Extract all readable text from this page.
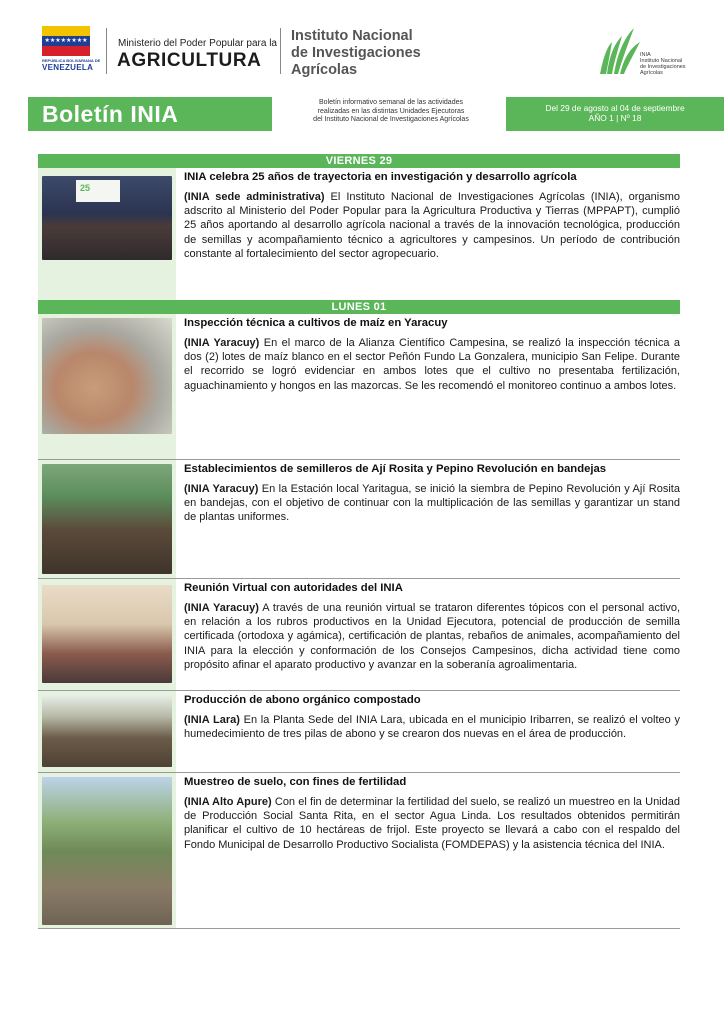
★★★★★★★★
REPÚBLICA BOLIVARIANA DE
VENEZUELA
Ministerio del Poder Popular para la
AGRICULTURA
Instituto Nacional
de Investigaciones
Agrícolas
INIA
Instituto Nacional
de Investigaciones
Agrícolas
Boletín INIA	Boletín informativo semanal de las actividades
realizadas en las distintas Unidades Ejecutoras
del Instituto Nacional de Investigaciones Agrícolas
Del 29 de agosto al 04 de septiembre
AÑO 1 | Nº 18
VIERNES 29
25
INIA celebra 25 años de trayectoria en investigación y desarrollo agrícola
(INIA sede administrativa) El Instituto Nacional de Investigaciones Agrícolas (INIA), organismo adscrito al Ministerio del Poder Popular para la Agricultura Productiva y Tierras (MPPAPT), cumplió 25 años aportando al desarrollo agrícola nacional a través de la innovación tecnológica, producción de semillas y acompañamiento técnico a agricultores y campesinos. Un período de contribución constante al fortalecimiento del sector agropecuario.
LUNES 01
Inspección técnica a cultivos de maíz en Yaracuy
(INIA Yaracuy) En el marco de la Alianza Científico Campesina, se realizó la inspección técnica a dos (2) lotes de maíz blanco en el sector Peñón Fundo La Gonzalera, municipio San Felipe. Durante el recorrido se logró evidenciar en ambos lotes que el cultivo no presentaba fertilización, aguachinamiento y hongos en las mazorcas. Se les recomendó el monitoreo continuo a ambos lotes.
Establecimientos de semilleros de Ají Rosita y Pepino Revolución en bandejas
(INIA Yaracuy) En la Estación local Yaritagua, se inició la siembra de Pepino Revolución y Ají Rosita en bandejas, con el objetivo de continuar con la multiplicación de las semillas y garantizar un stand de plantas uniformes.
Reunión Virtual con autoridades del INIA
(INIA Yaracuy) A través de una reunión virtual se trataron diferentes tópicos con el personal activo, en relación a los rubros productivos en la Unidad Ejecutora, potencial de producción de semilla certificada (ortodoxa y agámica), certificación de plantas, rebaños de animales, acompañamiento del INIA para la elección y conformación de los Consejos Campesinos, dicha actividad tiene como propósito afinar el aparato productivo y avanzar en la soberanía agroalimentaria.
Producción de abono orgánico compostado
(INIA Lara) En la Planta Sede del INIA Lara, ubicada en el municipio Iribarren, se realizó el volteo y humedecimiento de tres pilas de abono y se crearon dos nuevas en el área de producción.
Muestreo de suelo, con fines de fertilidad
(INIA Alto Apure) Con el fin de determinar la fertilidad del suelo, se realizó un muestreo en la Unidad de Producción Social Santa Rita, en el sector Agua Linda. Los resultados obtenidos permitirán planificar el cultivo de 10 hectáreas de frijol. Este proyecto se llevará a cabo con el respaldo del Fondo Municipal de Desarrollo Productivo Socialista (FOMDEPAS) y la asistencia técnica del INIA.
